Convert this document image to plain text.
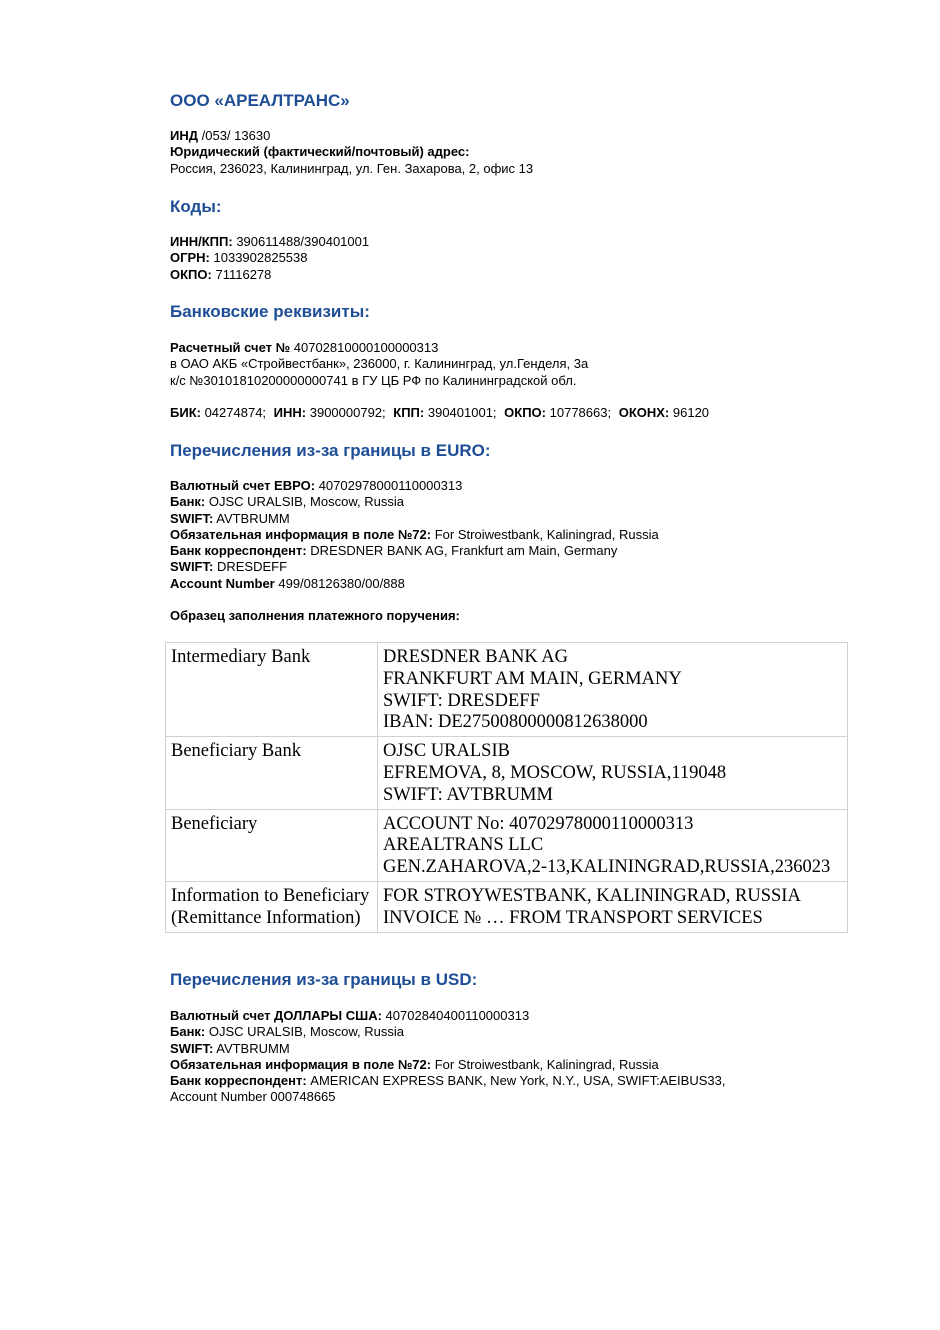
ООО «АРЕАЛТРАНС»
ИНД /053/ 13630
Юридический (фактический/почтовый) адрес:
Россия, 236023, Калининград, ул. Ген. Захарова, 2, офис 13
Коды:
ИНН/КПП: 390611488/390401001
ОГРН: 1033902825538
ОКПО: 71116278
Банковские реквизиты:
Расчетный счет № 40702810000100000313
в ОАО АКБ «Стройвестбанк», 236000, г. Калининград, ул.Генделя, 3а
к/с №30101810200000000741 в ГУ ЦБ РФ по Калининградской обл.
БИК: 04274874; ИНН: 3900000792; КПП: 390401001; ОКПО: 10778663; ОКОНХ: 96120
Перечисления из-за границы в EURO:
Валютный счет ЕВРО: 40702978000110000313
Банк: OJSC URALSIB, Moscow, Russia
SWIFT: AVTBRUMM
Обязательная информация в поле №72: For Stroiwestbank, Kaliningrad, Russia
Банк корреспондент: DRESDNER BANK AG, Frankfurt am Main, Germany
SWIFT: DRESDEFF
Account Number 499/08126380/00/888
Образец заполнения платежного поручения:
Intermediary Bank	DRESDNER BANK AG
FRANKFURT AM MAIN, GERMANY
SWIFT: DRESDEFF
IBAN: DE27500800000812638000

Beneficiary Bank	OJSC URALSIB
EFREMOVA, 8, MOSCOW, RUSSIA,119048
SWIFT: AVTBRUMM

Beneficiary	ACCOUNT No: 40702978000110000313
AREALTRANS LLC
GEN.ZAHAROVA,2-13,KALININGRAD,RUSSIA,236023

Information to Beneficiary
(Remittance Information)	FOR STROYWESTBANK, KALININGRAD, RUSSIA
INVOICE № … FROM TRANSPORT SERVICES
Перечисления из-за границы в USD:
Валютный счет ДОЛЛАРЫ США: 40702840400110000313
Банк: OJSC URALSIB, Moscow, Russia
SWIFT: AVTBRUMM
Обязательная информация в поле №72: For Stroiwestbank, Kaliningrad, Russia
Банк корреспондент: AMERICAN EXPRESS BANK, New York, N.Y., USA, SWIFT:AEIBUS33,
Account Number 000748665
